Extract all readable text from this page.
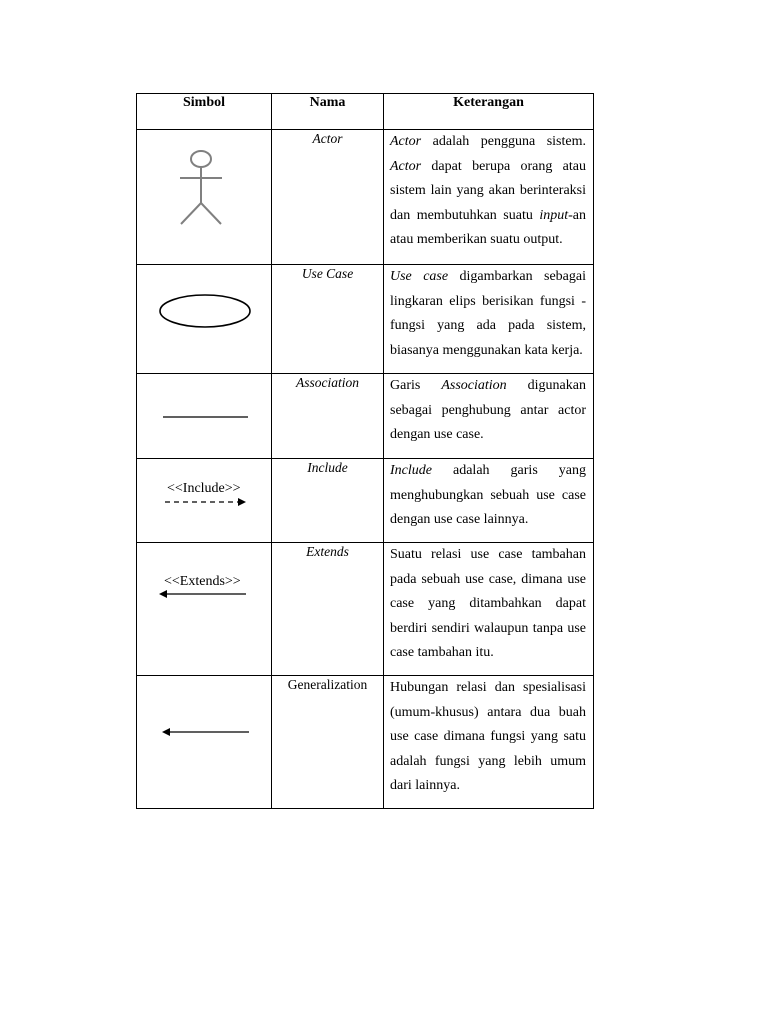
Simbol	Nama	Keterangan

	Actor	Actor adalah pengguna sistem.
Actor dapat berupa orang atau
sistem lain yang akan berinteraksi
dan membutuhkan suatu input-an
atau memberikan suatu output.

	Use Case	Use case digambarkan sebagai
lingkaran elips berisikan fungsi -
fungsi yang ada pada sistem,
biasanya menggunakan kata kerja.

	Association	Garis Association digunakan
sebagai penghubung antar actor
dengan use case.

<<Include>>	Include	Include adalah garis yang
menghubungkan sebuah use case
dengan use case lainnya.

<<Extends>>	Extends	Suatu relasi use case tambahan
pada sebuah use case, dimana use
case yang ditambahkan dapat
berdiri sendiri walaupun tanpa use
case tambahan itu.

	Generalization	Hubungan relasi dan spesialisasi
(umum-khusus) antara dua buah
use case dimana fungsi yang satu
adalah fungsi yang lebih umum
dari lainnya.
